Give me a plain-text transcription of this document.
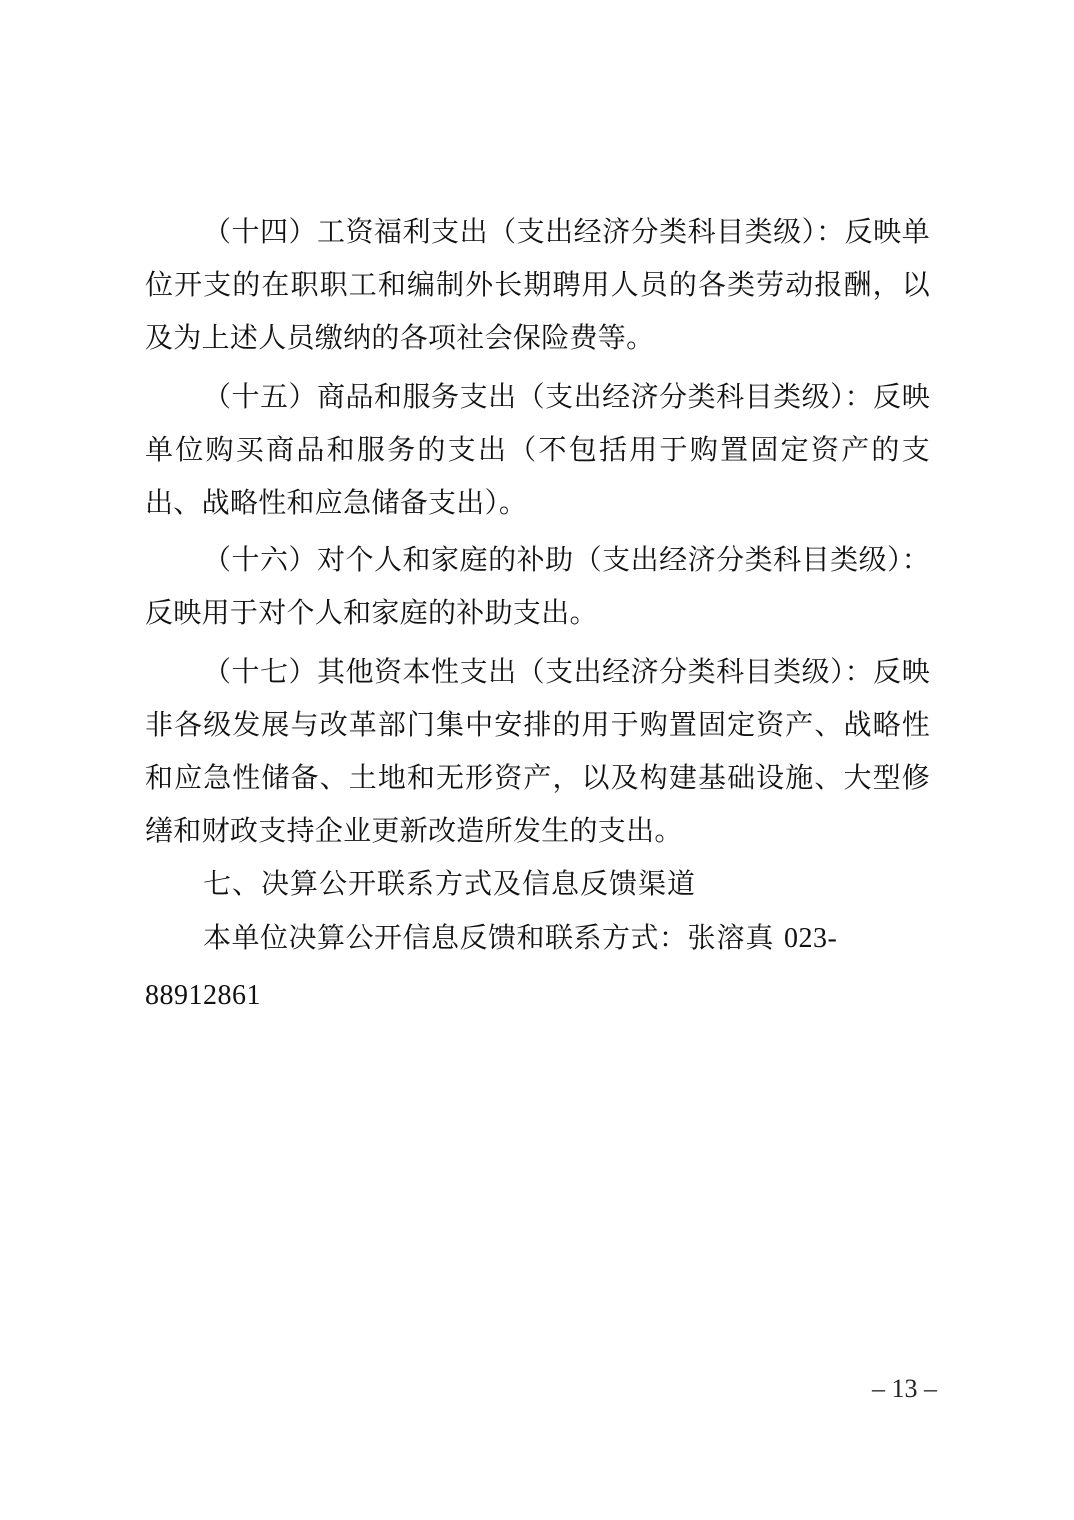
（十四）工资福利支出（支出经济分类科目类级）：反映单位开支的在职职工和编制外长期聘用人员的各类劳动报酬，以及为上述人员缴纳的各项社会保险费等。

（十五）商品和服务支出（支出经济分类科目类级）：反映单位购买商品和服务的支出（不包括用于购置固定资产的支出、战略性和应急储备支出）。

（十六）对个人和家庭的补助（支出经济分类科目类级）：反映用于对个人和家庭的补助支出。

（十七）其他资本性支出（支出经济分类科目类级）：反映非各级发展与改革部门集中安排的用于购置固定资产、战略性和应急性储备、土地和无形资产，以及构建基础设施、大型修缮和财政支持企业更新改造所发生的支出。

七、决算公开联系方式及信息反馈渠道

本单位决算公开信息反馈和联系方式：张溶真 023-88912861

– 13 –
